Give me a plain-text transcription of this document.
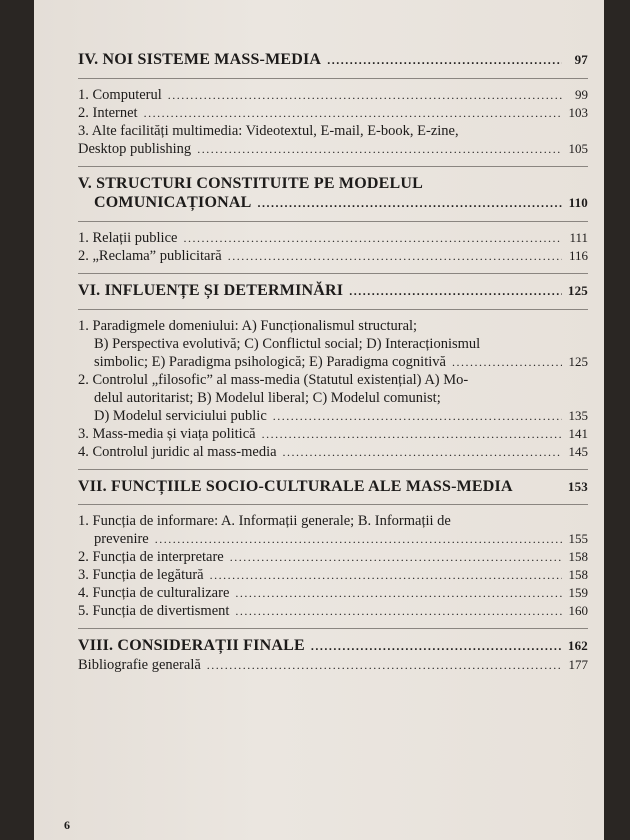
IV. NOI SISTEME MASS-MEDIA .....	97
1. Computerul .....	99
2. Internet .....	103
3. Alte facilități multimedia: Videotextul, E-mail, E-book, E-zine,
Desktop publishing .....	105
V. STRUCTURI CONSTITUITE PE MODELUL
COMUNICAȚIONAL .....	110
1. Relații publice .....	111
2. „Reclama” publicitară .....	116
VI. INFLUENȚE ȘI DETERMINĂRI .....	125
1. Paradigmele domeniului: A) Funcționalismul structural;
B) Perspectiva evolutivă; C) Conflictul social; D) Interacționismul
simbolic; E) Paradigma psihologică; E) Paradigma cognitivă .....	125
2. Controlul „filosofic” al mass-media (Statutul existențial) A) Mo-
delul autoritarist; B) Modelul liberal; C) Modelul comunist;
D) Modelul serviciului public .....	135
3. Mass-media și viața politică .....	141
4. Controlul juridic al mass-media .....	145
VII. FUNCȚIILE SOCIO-CULTURALE ALE MASS-MEDIA	153
1. Funcția de informare: A. Informații generale; B. Informații de
prevenire .....	155
2. Funcția de interpretare .....	158
3. Funcția de legătură .....	158
4. Funcția de culturalizare .....	159
5. Funcția de divertisment .....	160
VIII. CONSIDERAȚII FINALE .....	162
Bibliografie generală .....	177
6
